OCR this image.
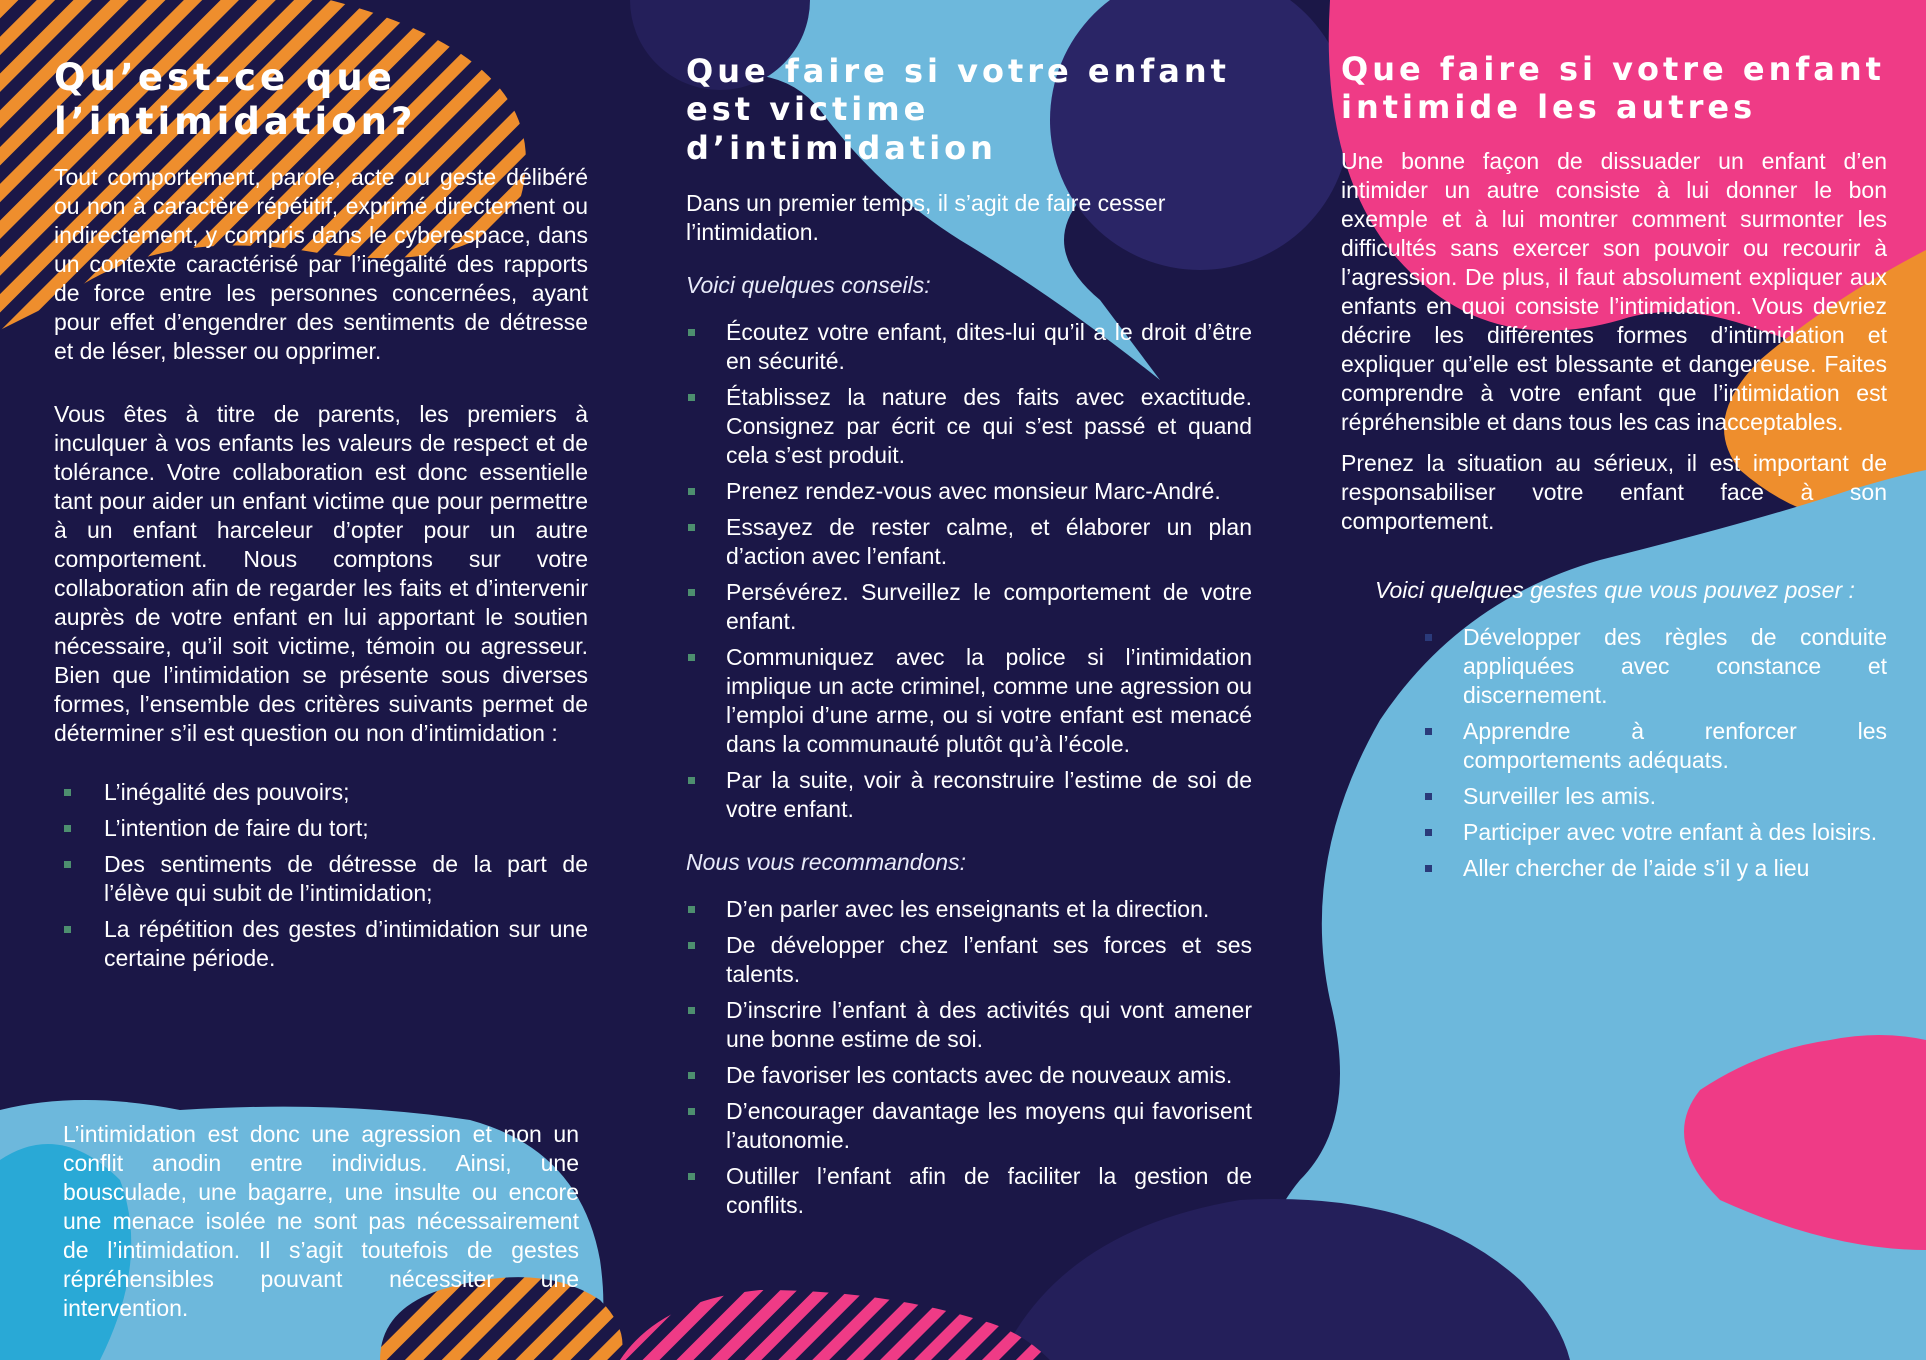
Qu’est-ce que l’intimidation?

Tout comportement, parole, acte ou geste délibéré ou non à caractère répétitif, exprimé directement ou indirectement, y compris dans le cyberespace, dans un contexte caractérisé par l’inégalité des rapports de force entre les personnes concernées, ayant pour effet d’engendrer des sentiments de détresse et de léser, blesser ou opprimer.

Vous êtes à titre de parents, les premiers à inculquer à vos enfants les valeurs de respect et de tolérance. Votre collaboration est donc essentielle tant pour aider un enfant victime que pour permettre à un enfant harceleur d’opter pour un autre comportement. Nous comptons sur votre collaboration afin de regarder les faits et d’intervenir auprès de votre enfant en lui apportant le soutien nécessaire, qu’il soit victime, témoin ou agresseur. Bien que l’intimidation se présente sous diverses formes, l’ensemble des critères suivants permet de déterminer s’il est question ou non d’intimidation :

L’inégalité des pouvoirs;
L’intention de faire du tort;
Des sentiments de détresse de la part de l’élève qui subit de l’intimidation;
La répétition des gestes d’intimidation sur une certaine période.

L’intimidation est donc une agression et non un conflit anodin entre individus. Ainsi, une bousculade, une bagarre, une insulte ou encore une menace isolée ne sont pas nécessairement de l’intimidation. Il s’agit toutefois de gestes répréhensibles pouvant nécessiter une intervention.

Que faire si votre enfant est victime d’intimidation

Dans un premier temps, il s’agit de faire cesser l’intimidation.

Voici quelques conseils:

Écoutez votre enfant, dites-lui qu’il a le droit d’être en sécurité.
Établissez la nature des faits avec exactitude. Consignez par écrit ce qui s’est passé et quand cela s’est produit.
Prenez rendez-vous avec monsieur Marc-André.
Essayez de rester calme, et élaborer un plan d’action avec l’enfant.
Persévérez. Surveillez le comportement de votre enfant.
Communiquez avec la police si l’intimidation implique un acte criminel, comme une agression ou l’emploi d’une arme, ou si votre enfant est menacé dans la communauté plutôt qu’à l’école.
Par la suite, voir à reconstruire l’estime de soi de votre enfant.

Nous vous recommandons:

D’en parler avec les enseignants et la direction.
De développer chez l’enfant ses forces et ses talents.
D’inscrire l’enfant à des activités qui vont amener une bonne estime de soi.
De favoriser les contacts avec de nouveaux amis.
D’encourager davantage les moyens qui favorisent l’autonomie.
Outiller l’enfant afin de faciliter la gestion de conflits.
Que faire si votre enfant intimide les autres

Une bonne façon de dissuader un enfant d’en intimider un autre consiste à lui donner le bon exemple et à lui montrer comment surmonter les difficultés sans exercer son pouvoir ou recourir à l’agression. De plus, il faut absolument expliquer aux enfants en quoi consiste l’intimidation. Vous devriez décrire les différentes formes d’intimidation et expliquer qu’elle est blessante et dangereuse. Faites comprendre à votre enfant que l’intimidation est répréhensible et dans tous les cas inacceptables.

Prenez la situation au sérieux, il est important de responsabiliser votre enfant face à son comportement.

Voici quelques gestes que vous pouvez poser :

Développer des règles de conduite appliquées avec constance et discernement.
Apprendre à renforcer les comportements adéquats.
Surveiller les amis.
Participer avec votre enfant à des loisirs.
Aller chercher de l’aide s’il y a lieu
